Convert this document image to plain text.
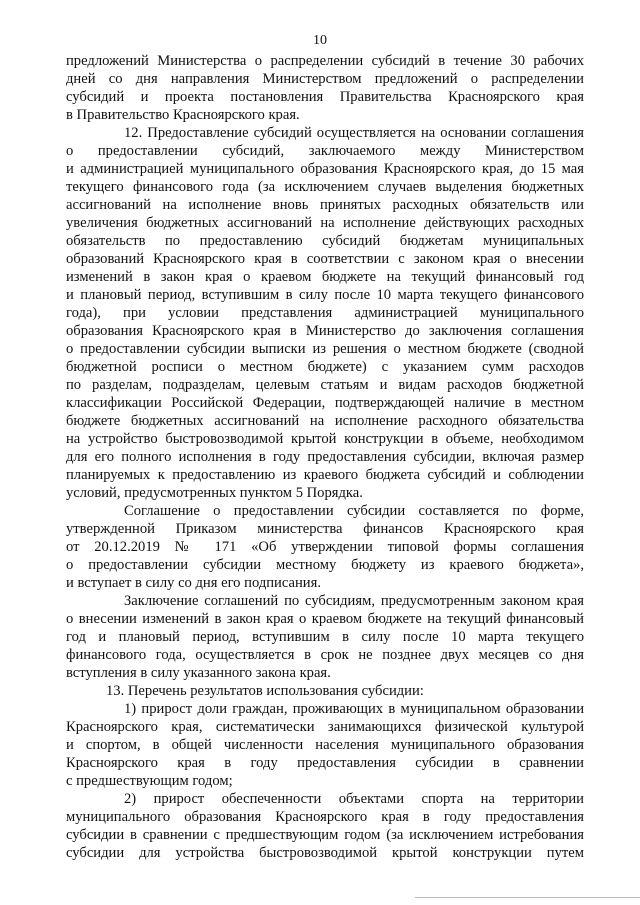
10
предложений Министерства о распределении субсидий в течение 30 рабочих
дней со дня направления Министерством предложений о распределении
субсидий и проекта постановления Правительства Красноярского края
в Правительство Красноярского края.
12. Предоставление субсидий осуществляется на основании соглашения
о предоставлении субсидий, заключаемого между Министерством
и администрацией муниципального образования Красноярского края, до 15 мая
текущего финансового года (за исключением случаев выделения бюджетных
ассигнований на исполнение вновь принятых расходных обязательств или
увеличения бюджетных ассигнований на исполнение действующих расходных
обязательств по предоставлению субсидий бюджетам муниципальных
образований Красноярского края в соответствии с законом края о внесении
изменений в закон края о краевом бюджете на текущий финансовый год
и плановый период, вступившим в силу после 10 марта текущего финансового
года), при условии представления администрацией муниципального
образования Красноярского края в Министерство до заключения соглашения
о предоставлении субсидии выписки из решения о местном бюджете (сводной
бюджетной росписи о местном бюджете) с указанием сумм расходов
по разделам, подразделам, целевым статьям и видам расходов бюджетной
классификации Российской Федерации, подтверждающей наличие в местном
бюджете бюджетных ассигнований на исполнение расходного обязательства
на устройство быстровозводимой крытой конструкции в объеме, необходимом
для его полного исполнения в году предоставления субсидии, включая размер
планируемых к предоставлению из краевого бюджета субсидий и соблюдении
условий, предусмотренных пунктом 5 Порядка.
Соглашение о предоставлении субсидии составляется по форме,
утвержденной Приказом министерства финансов Красноярского края
от 20.12.2019 № 171 «Об утверждении типовой формы соглашения
о предоставлении субсидии местному бюджету из краевого бюджета»,
и вступает в силу со дня его подписания.
Заключение соглашений по субсидиям, предусмотренным законом края
о внесении изменений в закон края о краевом бюджете на текущий финансовый
год и плановый период, вступившим в силу после 10 марта текущего
финансового года, осуществляется в срок не позднее двух месяцев со дня
вступления в силу указанного закона края.
13. Перечень результатов использования субсидии:
1) прирост доли граждан, проживающих в муниципальном образовании
Красноярского края, систематически занимающихся физической культурой
и спортом, в общей численности населения муниципального образования
Красноярского края в году предоставления субсидии в сравнении
с предшествующим годом;
2) прирост обеспеченности объектами спорта на территории
муниципального образования Красноярского края в году предоставления
субсидии в сравнении с предшествующим годом (за исключением истребования
субсидии для устройства быстровозводимой крытой конструкции путем
